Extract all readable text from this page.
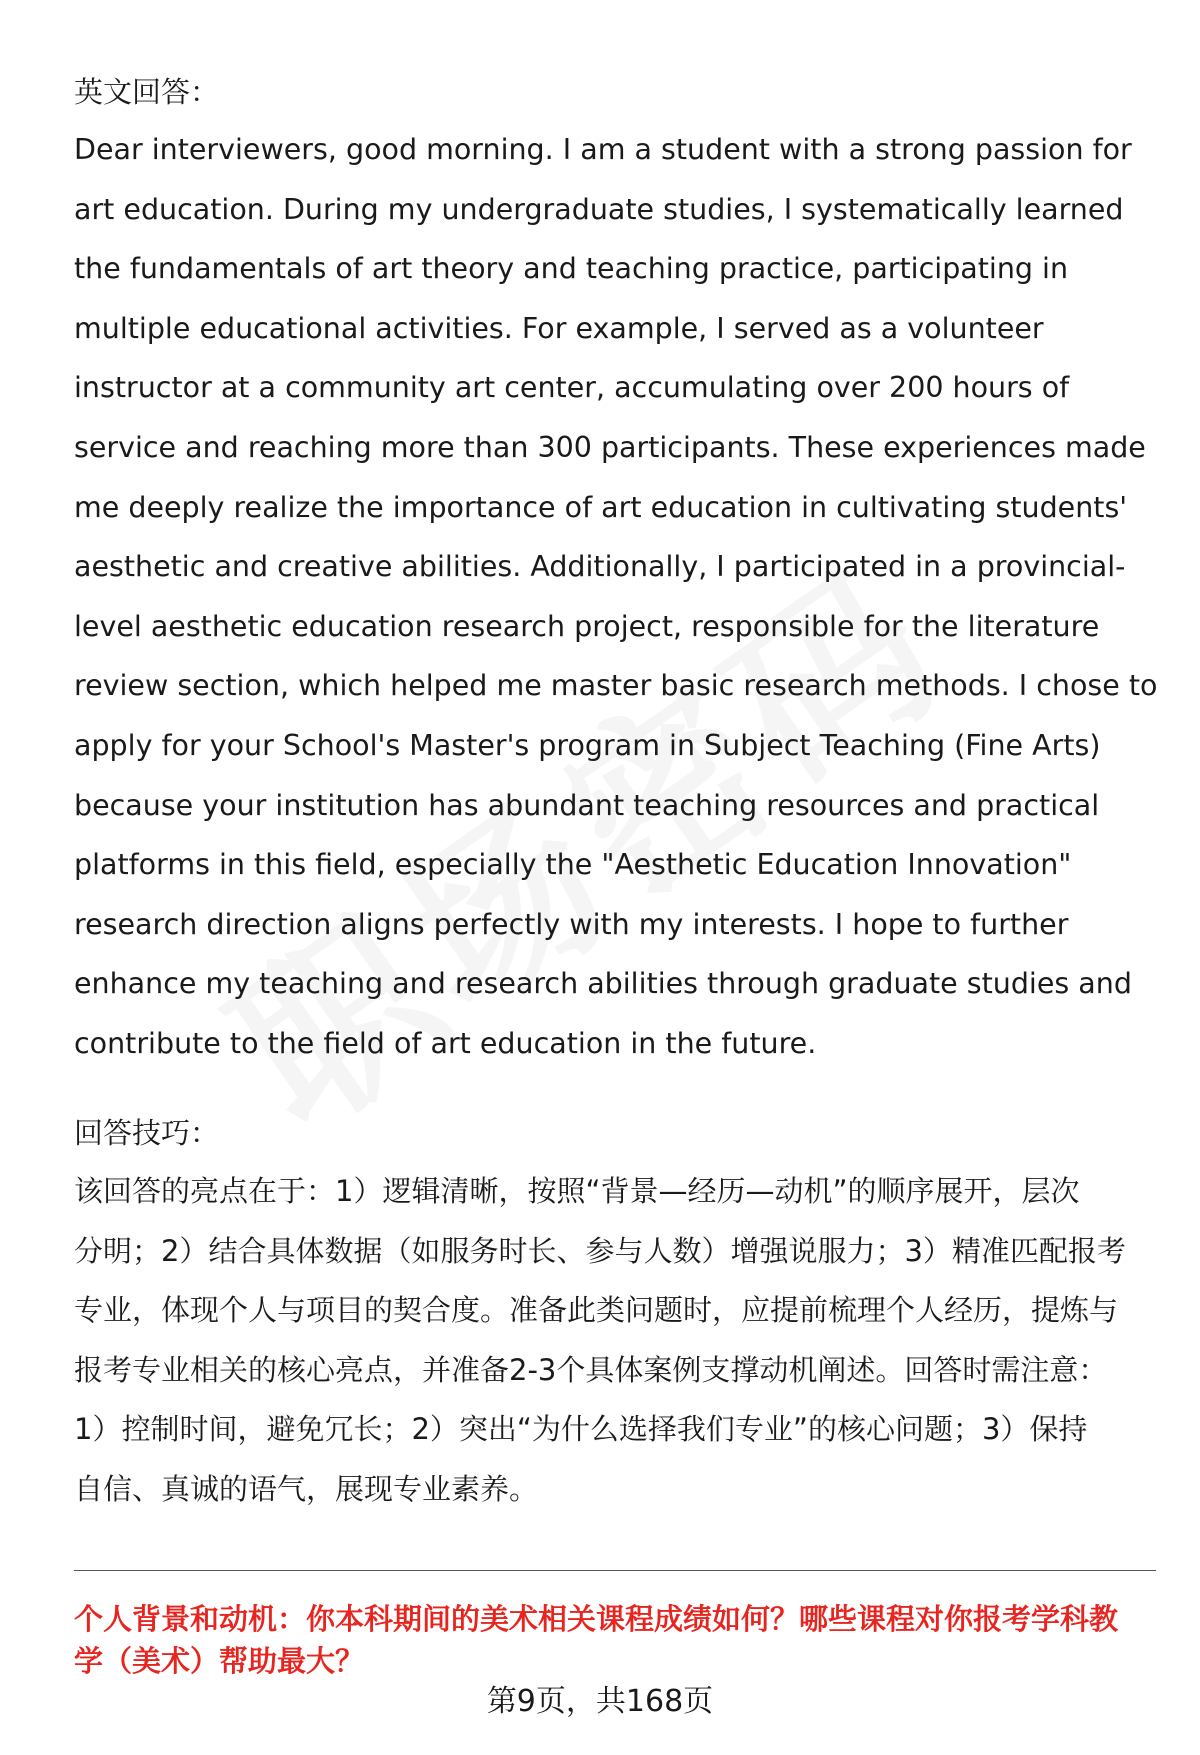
英文回答：
Dear interviewers, good morning. I am a student with a strong passion for
art education. During my undergraduate studies, I systematically learned
the fundamentals of art theory and teaching practice, participating in
multiple educational activities. For example, I served as a volunteer
instructor at a community art center, accumulating over 200 hours of
service and reaching more than 300 participants. These experiences made
me deeply realize the importance of art education in cultivating students'
aesthetic and creative abilities. Additionally, I participated in a provincial-
level aesthetic education research project, responsible for the literature
review section, which helped me master basic research methods. I chose to
apply for your School's Master's program in Subject Teaching (Fine Arts)
because your institution has abundant teaching resources and practical
platforms in this field, especially the "Aesthetic Education Innovation"
research direction aligns perfectly with my interests. I hope to further
enhance my teaching and research abilities through graduate studies and
contribute to the field of art education in the future.
回答技巧：
该回答的亮点在于：1）逻辑清晰，按照“背景—经历—动机”的顺序展开，层次
分明；2）结合具体数据（如服务时长、参与人数）增强说服力；3）精准匹配报考
专业，体现个人与项目的契合度。准备此类问题时，应提前梳理个人经历，提炼与
报考专业相关的核心亮点，并准备2-3个具体案例支撑动机阐述。回答时需注意：
1）控制时间，避免冗长；2）突出“为什么选择我们专业”的核心问题；3）保持
自信、真诚的语气，展现专业素养。
个人背景和动机：你本科期间的美术相关课程成绩如何？哪些课程对你报考学科教
学（美术）帮助最大？
第9页，共168页
